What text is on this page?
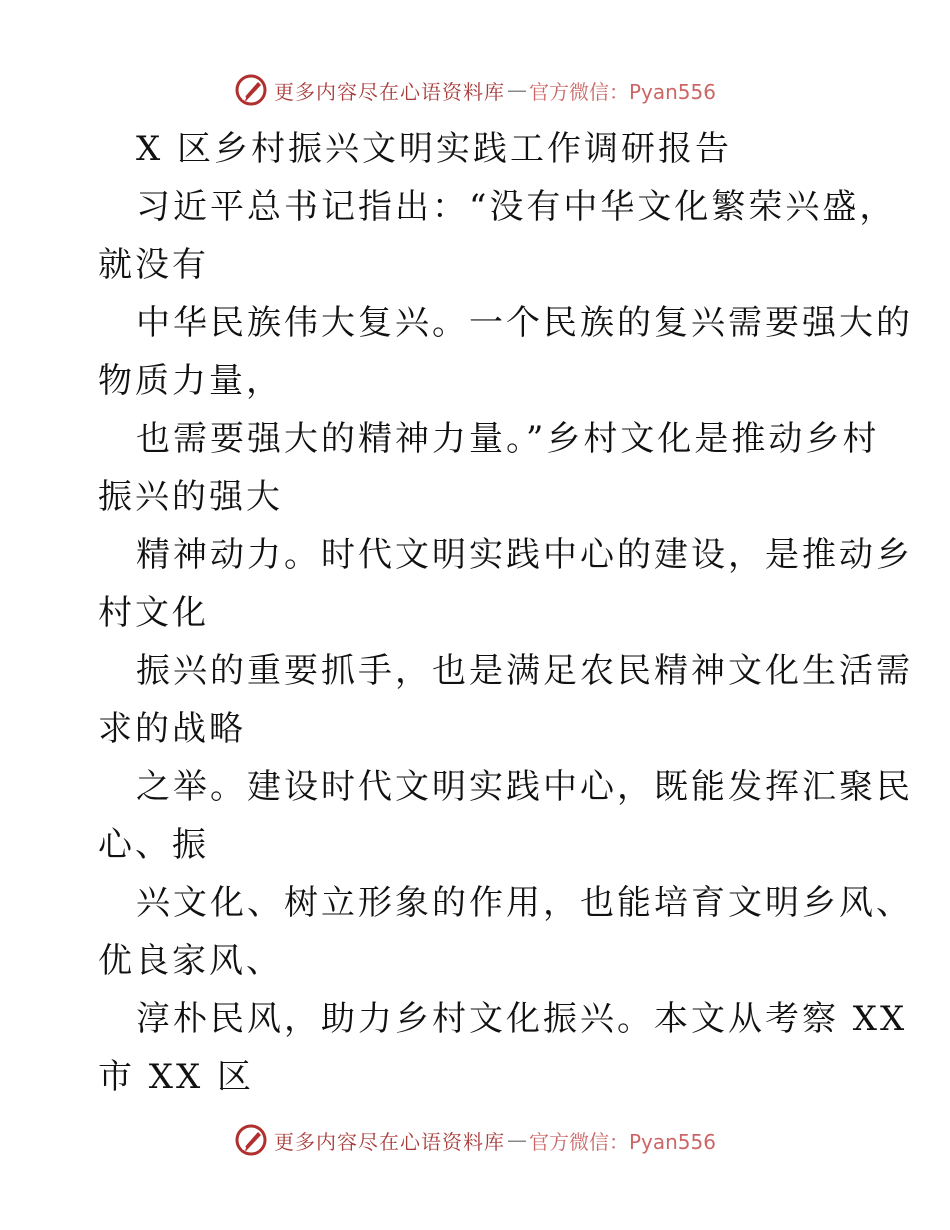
更多内容尽在心语资料库 — 官方微信：Pyan556
X 区乡村振兴文明实践工作调研报告
习近平总书记指出：“没有中华文化繁荣兴盛，
就没有
中华民族伟大复兴。一个民族的复兴需要强大的
物质力量，
也需要强大的精神力量。”乡村文化是推动乡村
振兴的强大
精神动力。时代文明实践中心的建设，是推动乡
村文化
振兴的重要抓手，也是满足农民精神文化生活需
求的战略
之举。建设时代文明实践中心，既能发挥汇聚民
心、振
兴文化、树立形象的作用，也能培育文明乡风、
优良家风、
淳朴民风，助力乡村文化振兴。本文从考察 XX
市 XX 区
更多内容尽在心语资料库 — 官方微信：Pyan556
